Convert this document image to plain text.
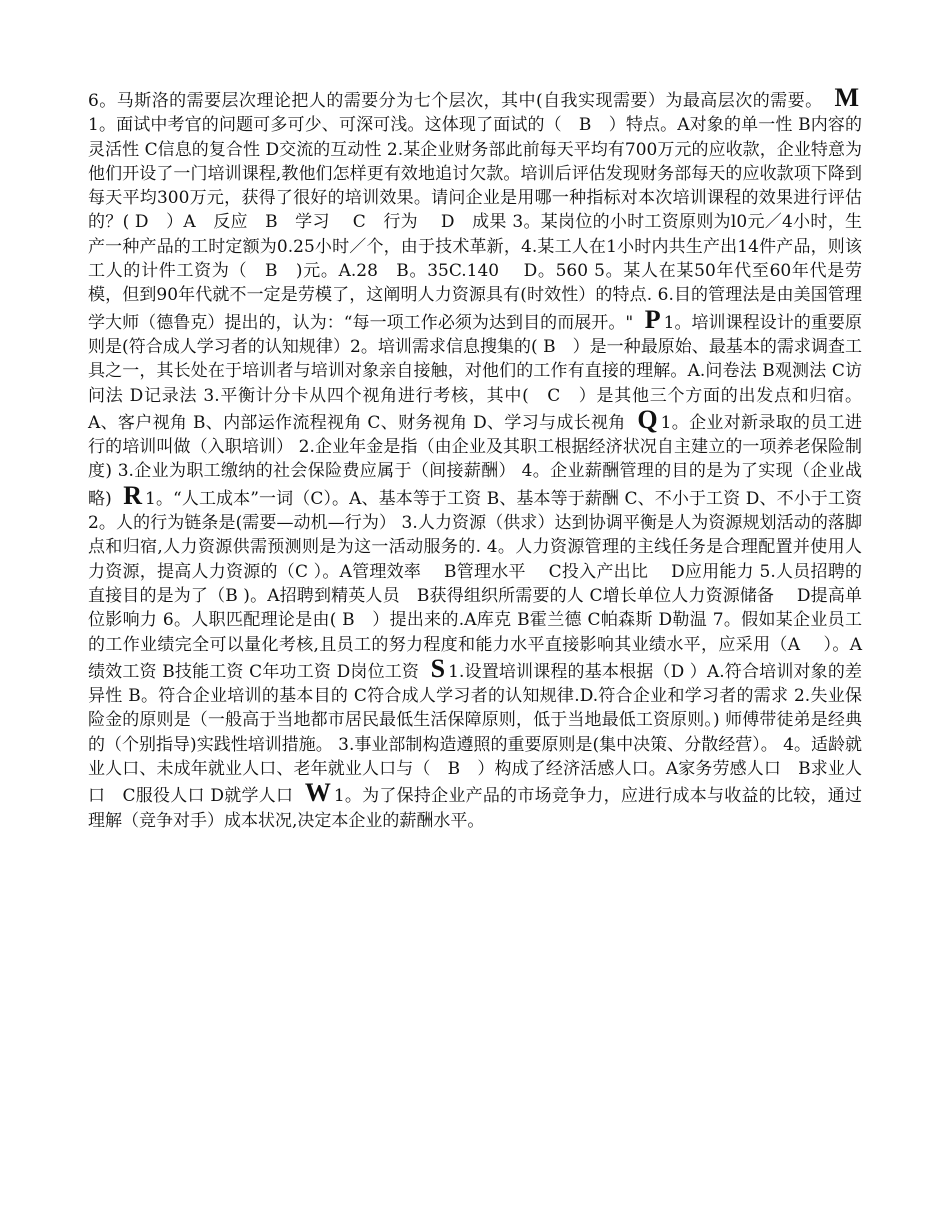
6。马斯洛的需要层次理论把人的需要分为七个层次，其中(自我实现需要）为最高层次的需要。 M1。面试中考官的问题可多可少、可深可浅。这体现了面试的（　B　）特点。A对象的单一性 B内容的灵活性 C信息的复合性 D交流的互动性 2.某企业财务部此前每天平均有700万元的应收款，企业特意为他们开设了一门培训课程,教他们怎样更有效地追讨欠款。培训后评估发现财务部每天的应收款项下降到每天平均300万元，获得了很好的培训效果。请问企业是用哪一种指标对本次培训课程的效果进行评估的？( D　）A　反应　B　学习　 C　行为　 D　成果 3。某岗位的小时工资原则为l0元／4小时，生产一种产品的工时定额为0.25小时／个，由于技术革新，4.某工人在1小时内共生产出14件产品，则该工人的计件工资为（　B　)元。A.28　B。35C.140　 D。560 5。某人在某50年代至60年代是劳模，但到90年代就不一定是劳模了，这阐明人力资源具有(时效性）的特点. 6.目的管理法是由美国管理学大师（德鲁克）提出的，认为：“每一项工作必须为达到目的而展开。" P 1。培训课程设计的重要原则是(符合成人学习者的认知规律）2。培训需求信息搜集的( B　）是一种最原始、最基本的需求调查工具之一，其长处在于培训者与培训对象亲自接触，对他们的工作有直接的理解。A.问卷法 B观测法 C访问法 D记录法 3.平衡计分卡从四个视角进行考核，其中(　C　）是其他三个方面的出发点和归宿。 A、客户视角 B、内部运作流程视角 C、财务视角 D、学习与成长视角 Q 1。企业对新录取的员工进行的培训叫做（入职培训） 2.企业年金是指（由企业及其职工根据经济状况自主建立的一项养老保险制度) 3.企业为职工缴纳的社会保险费应属于（间接薪酬） 4。企业薪酬管理的目的是为了实现（企业战略) R 1。“人工成本”一词（C）。A、基本等于工资 B、基本等于薪酬 C、不小于工资 D、不小于工资 2。人的行为链条是(需要—动机—行为） 3.人力资源（供求）达到协调平衡是人为资源规划活动的落脚点和归宿,人力资源供需预测则是为这一活动服务的. 4。人力资源管理的主线任务是合理配置并使用人力资源，提高人力资源的（C ）。A管理效率　 B管理水平　 C投入产出比　 D应用能力 5.人员招聘的直接目的是为了（B )。A招聘到精英人员　B获得组织所需要的人 C增长单位人力资源储备　 D提高单位影响力 6。人职匹配理论是由( B　）提出来的.A库克 B霍兰德 C帕森斯 D勒温 7。假如某企业员工的工作业绩完全可以量化考核,且员工的努力程度和能力水平直接影响其业绩水平，应采用（A　 ）。A绩效工资 B技能工资 C年功工资 D岗位工资 S 1.设置培训课程的基本根据（D ）A.符合培训对象的差异性 B。符合企业培训的基本目的 C符合成人学习者的认知规律.D.符合企业和学习者的需求 2.失业保险金的原则是（一般高于当地都市居民最低生活保障原则，低于当地最低工资原则。) 师傅带徒弟是经典的（个别指导)实践性培训措施。 3.事业部制构造遵照的重要原则是(集中决策、分散经营）。 4。适龄就业人口、未成年就业人口、老年就业人口与（　B　）构成了经济活感人口。A家务劳感人口　B求业人口　C服役人口 D就学人口 W 1。为了保持企业产品的市场竞争力，应进行成本与收益的比较，通过理解（竞争对手）成本状况,决定本企业的薪酬水平。
